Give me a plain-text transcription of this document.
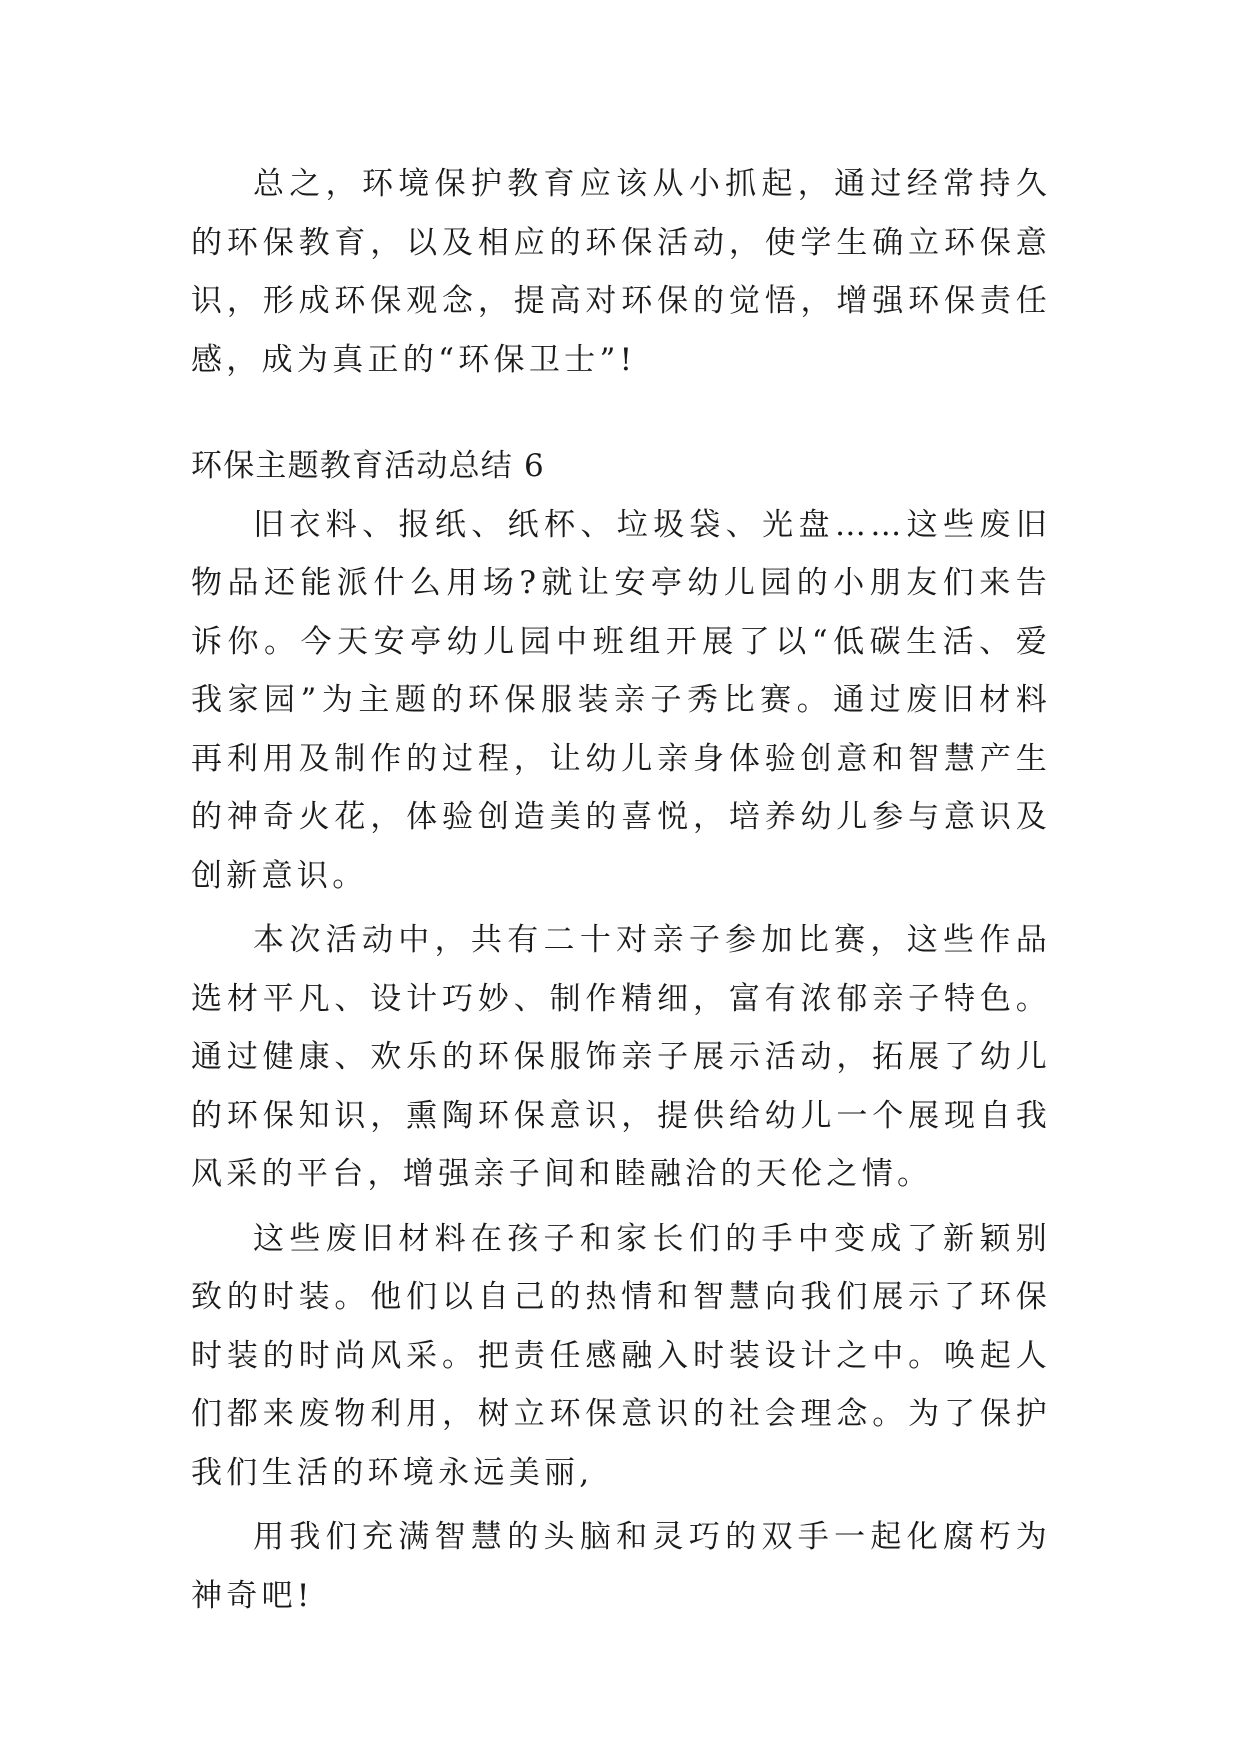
总之，环境保护教育应该从小抓起，通过经常持久的环保教育，以及相应的环保活动，使学生确立环保意识，形成环保观念，提高对环保的觉悟，增强环保责任感，成为真正的“环保卫士”!

环保主题教育活动总结 6

旧衣料、报纸、纸杯、垃圾袋、光盘……这些废旧物品还能派什么用场?就让安亭幼儿园的小朋友们来告诉你。今天安亭幼儿园中班组开展了以“低碳生活、爱我家园”为主题的环保服装亲子秀比赛。通过废旧材料再利用及制作的过程，让幼儿亲身体验创意和智慧产生的神奇火花，体验创造美的喜悦，培养幼儿参与意识及创新意识。

本次活动中，共有二十对亲子参加比赛，这些作品选材平凡、设计巧妙、制作精细，富有浓郁亲子特色。通过健康、欢乐的环保服饰亲子展示活动，拓展了幼儿的环保知识，熏陶环保意识，提供给幼儿一个展现自我风采的平台，增强亲子间和睦融洽的天伦之情。

这些废旧材料在孩子和家长们的手中变成了新颖别致的时装。他们以自己的热情和智慧向我们展示了环保时装的时尚风采。把责任感融入时装设计之中。唤起人们都来废物利用，树立环保意识的社会理念。为了保护我们生活的环境永远美丽,

用我们充满智慧的头脑和灵巧的双手一起化腐朽为神奇吧!
